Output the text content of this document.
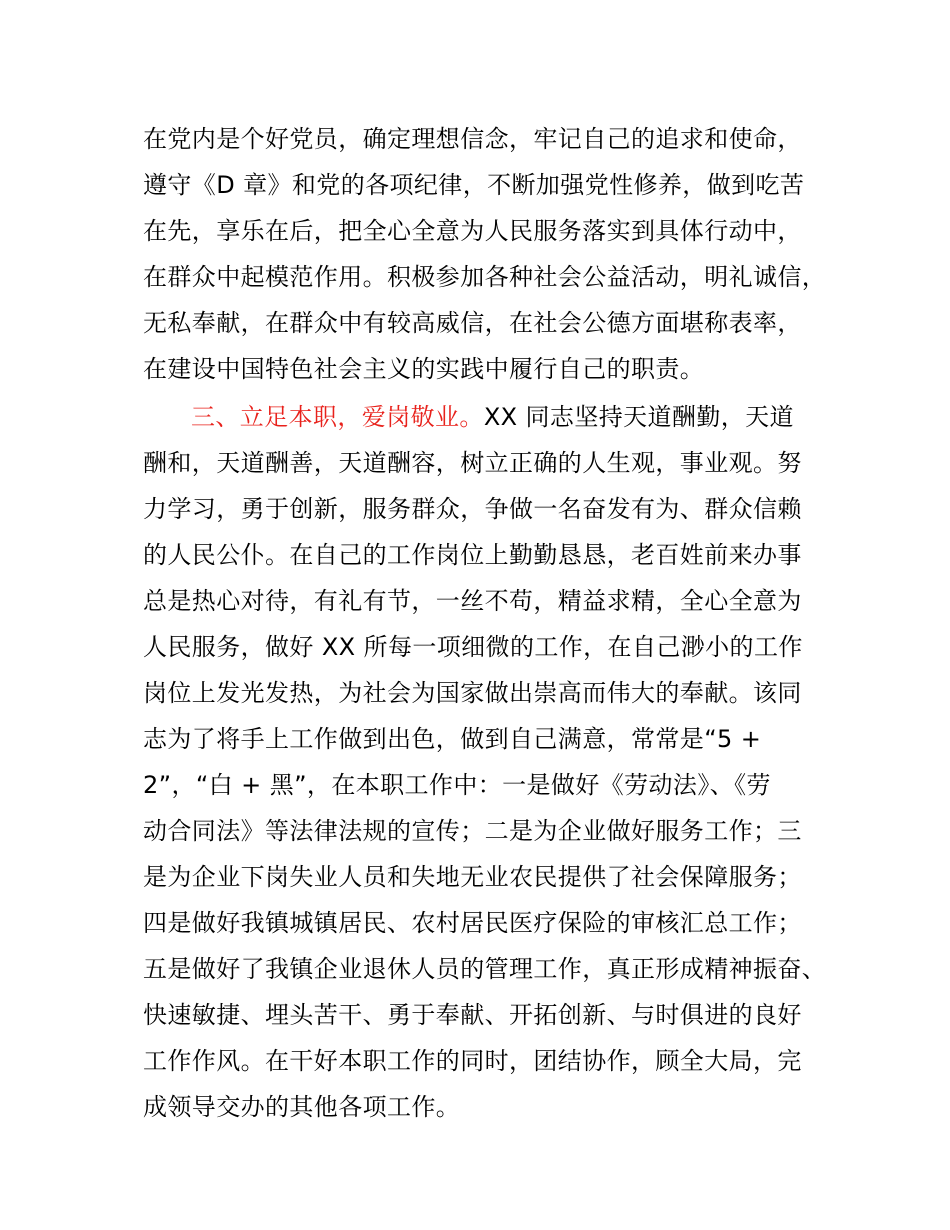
在党内是个好党员，确定理想信念，牢记自己的追求和使命，
遵守《D 章》和党的各项纪律，不断加强党性修养，做到吃苦
在先，享乐在后，把全心全意为人民服务落实到具体行动中，
在群众中起模范作用。积极参加各种社会公益活动，明礼诚信，
无私奉献，在群众中有较高威信，在社会公德方面堪称表率，
在建设中国特色社会主义的实践中履行自己的职责。
三、立足本职，爱岗敬业。XX 同志坚持天道酬勤，天道
酬和，天道酬善，天道酬容，树立正确的人生观，事业观。努
力学习，勇于创新，服务群众，争做一名奋发有为、群众信赖
的人民公仆。在自己的工作岗位上勤勤恳恳，老百姓前来办事
总是热心对待，有礼有节，一丝不苟，精益求精，全心全意为
人民服务，做好 XX 所每一项细微的工作，在自己渺小的工作
岗位上发光发热，为社会为国家做出崇高而伟大的奉献。该同
志为了将手上工作做到出色，做到自己满意，常常是“5 +
2”，“白 + 黑”，在本职工作中：一是做好《劳动法》、《劳
动合同法》等法律法规的宣传；二是为企业做好服务工作；三
是为企业下岗失业人员和失地无业农民提供了社会保障服务；
四是做好我镇城镇居民、农村居民医疗保险的审核汇总工作；
五是做好了我镇企业退休人员的管理工作，真正形成精神振奋、
快速敏捷、埋头苦干、勇于奉献、开拓创新、与时俱进的良好
工作作风。在干好本职工作的同时，团结协作，顾全大局，完
成领导交办的其他各项工作。
